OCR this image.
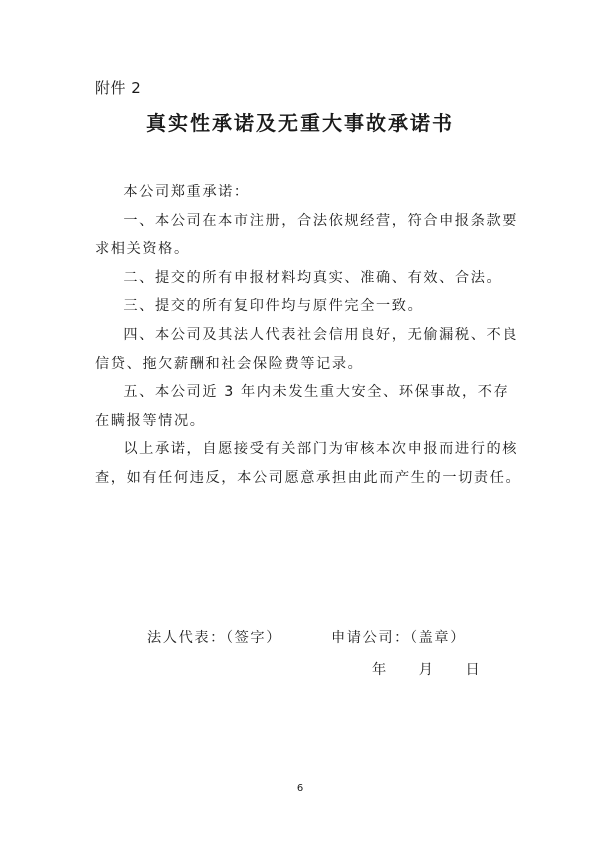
附件 2
真实性承诺及无重大事故承诺书

本公司郑重承诺：

一、本公司在本市注册，合法依规经营，符合申报条款要求相关资格。

二、提交的所有申报材料均真实、准确、有效、合法。

三、提交的所有复印件均与原件完全一致。

四、本公司及其法人代表社会信用良好，无偷漏税、不良信贷、拖欠薪酬和社会保险费等记录。

五、本公司近 3 年内未发生重大安全、环保事故，不存在瞒报等情况。

以上承诺，自愿接受有关部门为审核本次申报而进行的核查，如有任何违反，本公司愿意承担由此而产生的一切责任。

法人代表：（签字）	申请公司：（盖章）
年 月 日
6
